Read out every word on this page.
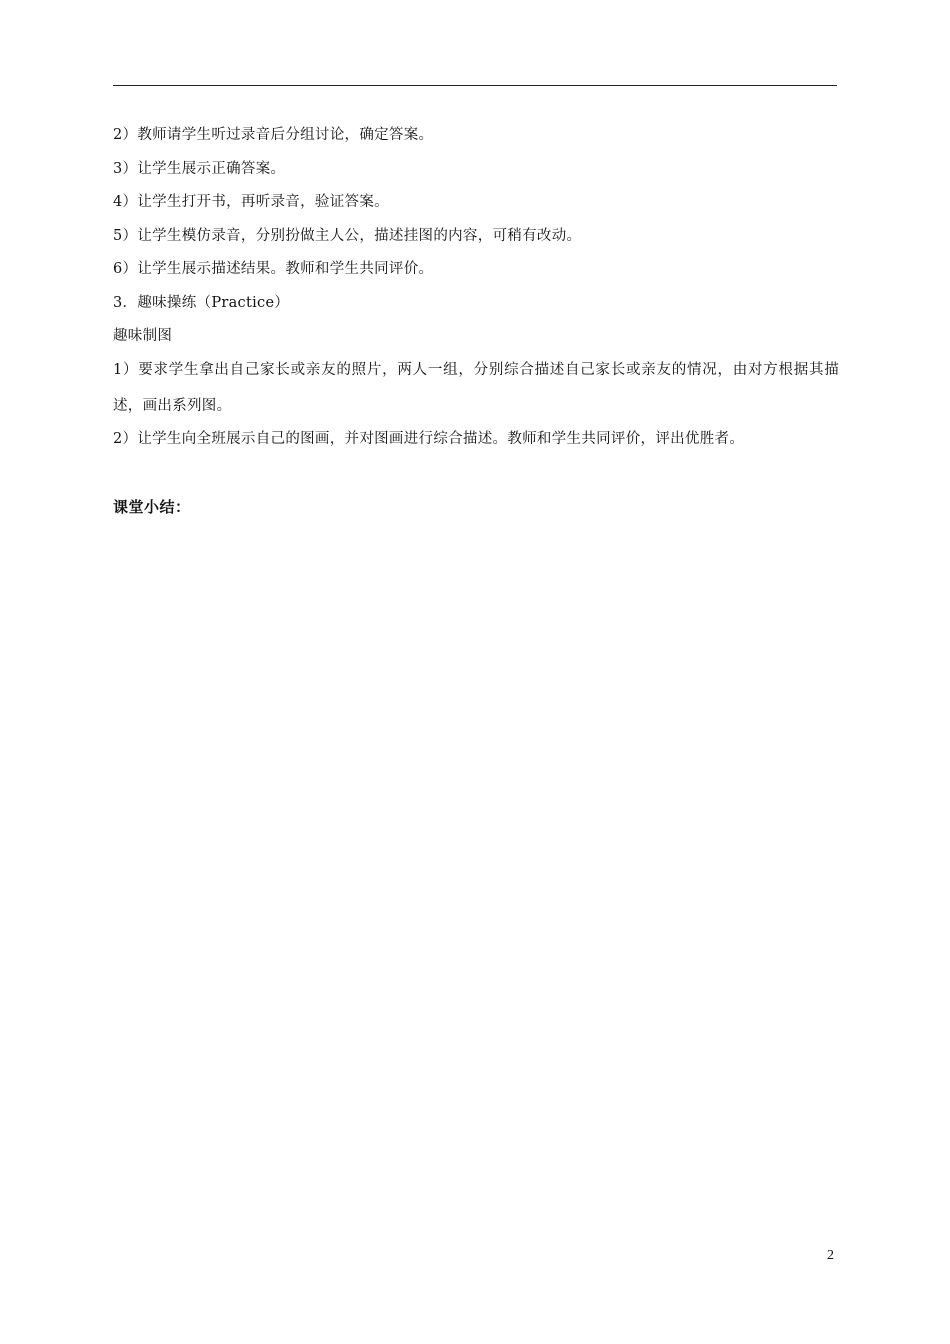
2）教师请学生听过录音后分组讨论，确定答案。

3）让学生展示正确答案。

4）让学生打开书，再听录音，验证答案。

5）让学生模仿录音，分别扮做主人公，描述挂图的内容，可稍有改动。

6）让学生展示描述结果。教师和学生共同评价。

3．趣味操练（Practice）

趣味制图

1）要求学生拿出自己家长或亲友的照片，两人一组，分别综合描述自己家长或亲友的情况，由对方根据其描述，画出系列图。

2）让学生向全班展示自己的图画，并对图画进行综合描述。教师和学生共同评价，评出优胜者。

课堂小结：
2
